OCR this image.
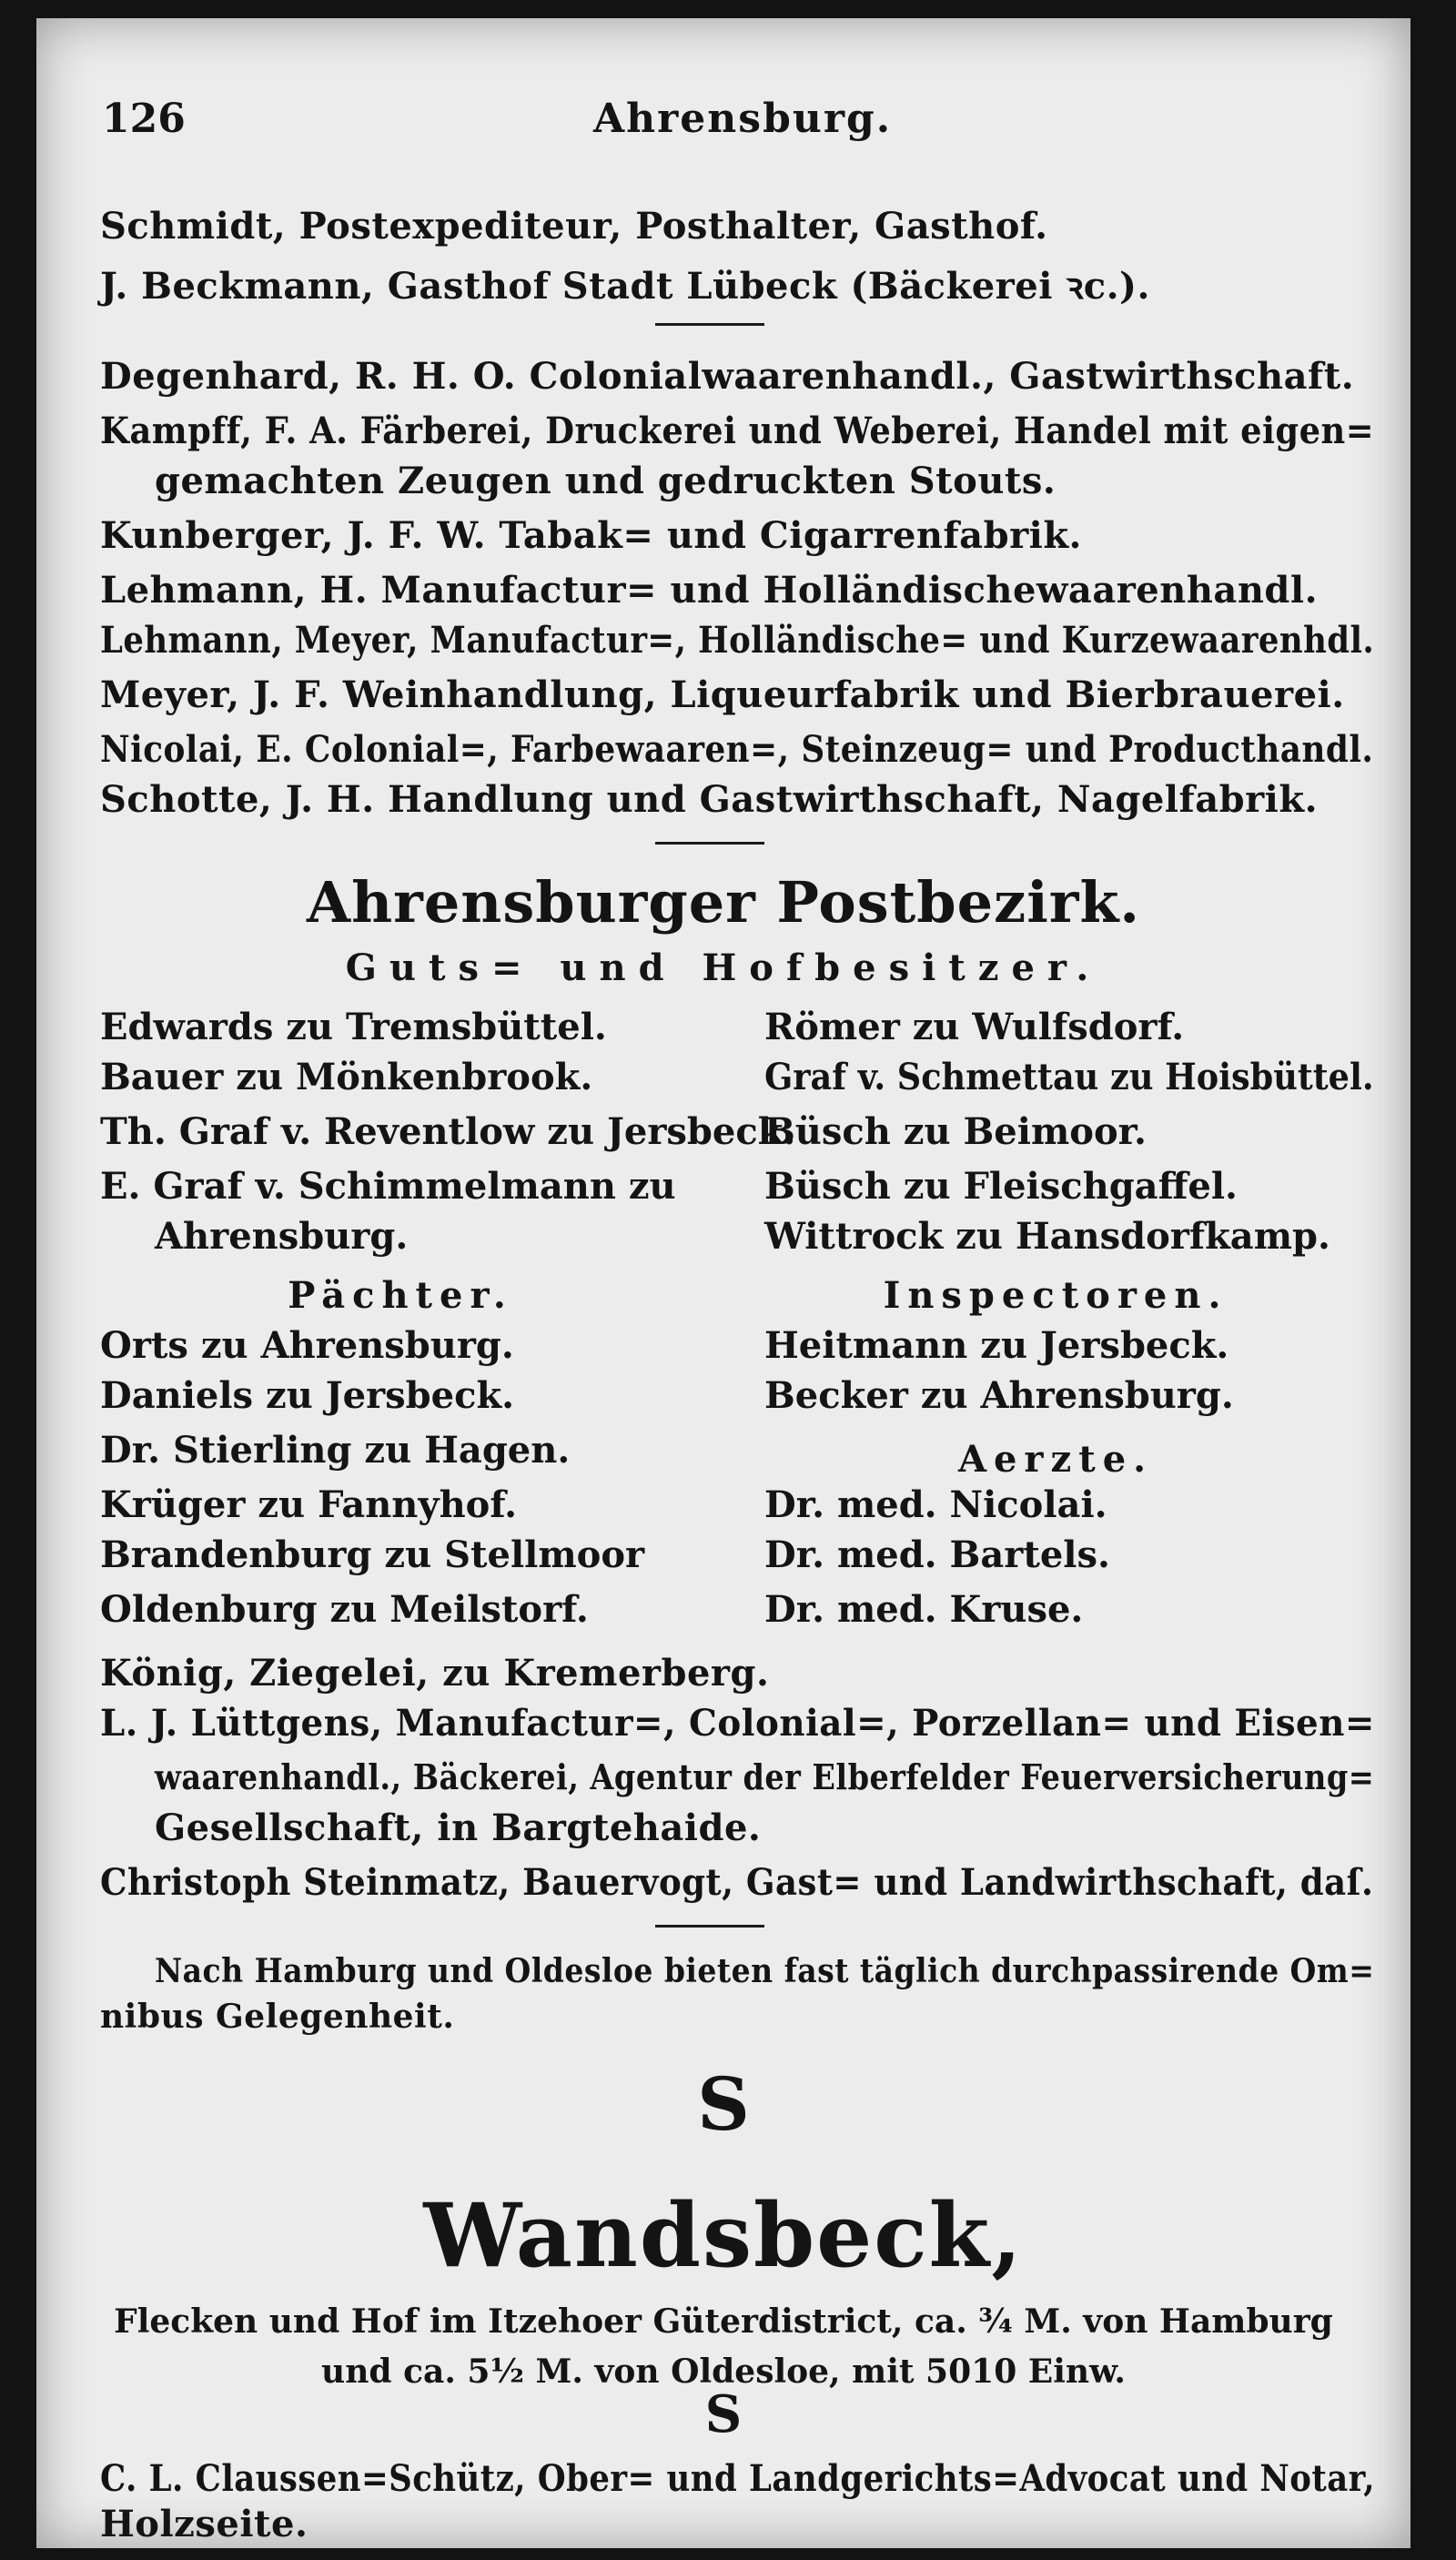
126	Ahrensburg.
Schmidt, Postexpediteur, Posthalter, Gasthof.
J. Beckmann, Gasthof Stadt Lübeck (Bäckerei ꝛc.).
Degenhard, R. H. O. Colonialwaarenhandl., Gastwirthschaft.
Kampff, F. A. Färberei, Druckerei und Weberei, Handel mit eigen=
gemachten Zeugen und gedruckten Stouts.
Kunberger, J. F. W. Tabak= und Cigarrenfabrik.
Lehmann, H. Manufactur= und Holländischewaarenhandl.
Lehmann, Meyer, Manufactur=, Holländische= und Kurzewaarenhdl.
Meyer, J. F. Weinhandlung, Liqueurfabrik und Bierbrauerei.
Nicolai, E. Colonial=, Farbewaaren=, Steinzeug= und Producthandl.
Schotte, J. H. Handlung und Gastwirthschaft, Nagelfabrik.
Ahrensburger Postbezirk.
Guts= und Hofbesitzer.
Edwards zu Tremsbüttel.
Bauer zu Mönkenbrook.
Th. Graf v. Reventlow zu Jersbeck.
E. Graf v. Schimmelmann zu
Ahrensburg.
Römer zu Wulfsdorf.
Graf v. Schmettau zu Hoisbüttel.
Büsch zu Beimoor.
Büsch zu Fleischgaffel.
Wittrock zu Hansdorfkamp.
Pächter.	Inspectoren.
Orts zu Ahrensburg.
Daniels zu Jersbeck.
Dr. Stierling zu Hagen.
Krüger zu Fannyhof.
Brandenburg zu Stellmoor
Oldenburg zu Meilstorf.
Heitmann zu Jersbeck.
Becker zu Ahrensburg.
Aerzte.
Dr. med. Nicolai.
Dr. med. Bartels.
Dr. med. Kruse.
König, Ziegelei, zu Kremerberg.
L. J. Lüttgens, Manufactur=, Colonial=, Porzellan= und Eisen=
waarenhandl., Bäckerei, Agentur der Elberfelder Feuerversicherung=
Gesellschaft, in Bargtehaide.
Christoph Steinmatz, Bauervogt, Gast= und Landwirthschaft, daſ.
Nach Hamburg und Oldesloe bieten fast täglich durchpassirende Om=
nibus Gelegenheit.
S
Wandsbeck,
Flecken und Hof im Itzehoer Güterdistrict, ca. ¾ M. von Hamburg
und ca. 5½ M. von Oldesloe, mit 5010 Einw.
S
C. L. Claussen=Schütz, Ober= und Landgerichts=Advocat und Notar,
Holzseite.
